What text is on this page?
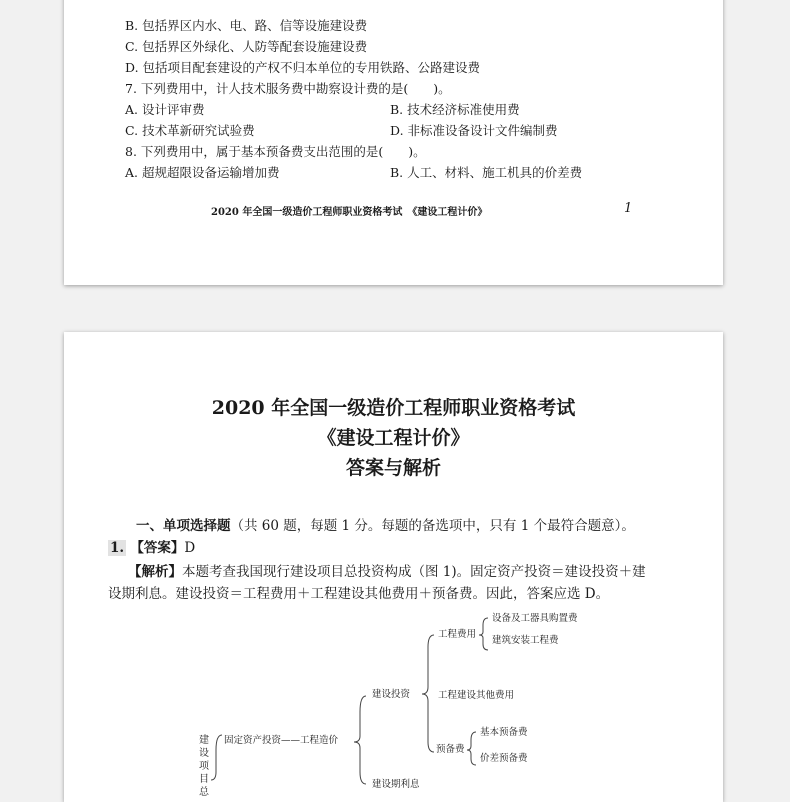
B. 包括界区内水、电、路、信等设施建设费
C. 包括界区外绿化、人防等配套设施建设费
D. 包括项目配套建设的产权不归本单位的专用铁路、公路建设费
7. 下列费用中，计人技术服务费中勘察设计费的是(　　)。
A. 设计评审费	B. 技术经济标准使用费
C. 技术革新研究试验费	D. 非标准设备设计文件编制费
8. 下列费用中，属于基本预备费支出范围的是(　　)。
A. 超规超限设备运输增加费	B. 人工、材料、施工机具的价差费
2020 年全国一级造价工程师职业资格考试　《建设工程计价》	1
2020 年全国一级造价工程师职业资格考试
《建设工程计价》
答案与解析
一、单项选择题（共 60 题，每题 1 分。每题的备选项中，只有 1 个最符合题意）。
1. 【答案】D
【解析】本题考查我国现行建设项目总投资构成（图 1)。固定资产投资＝建设投资＋建
设期利息。建设投资＝工程费用＋工程建设其他费用＋预备费。因此，答案应选 D。
建设项目总
固定资产投资——工程造价
建设投资
建设期利息
工程费用
设备及工器具购置费
建筑安装工程费
工程建设其他费用
预备费
基本预备费
价差预备费
